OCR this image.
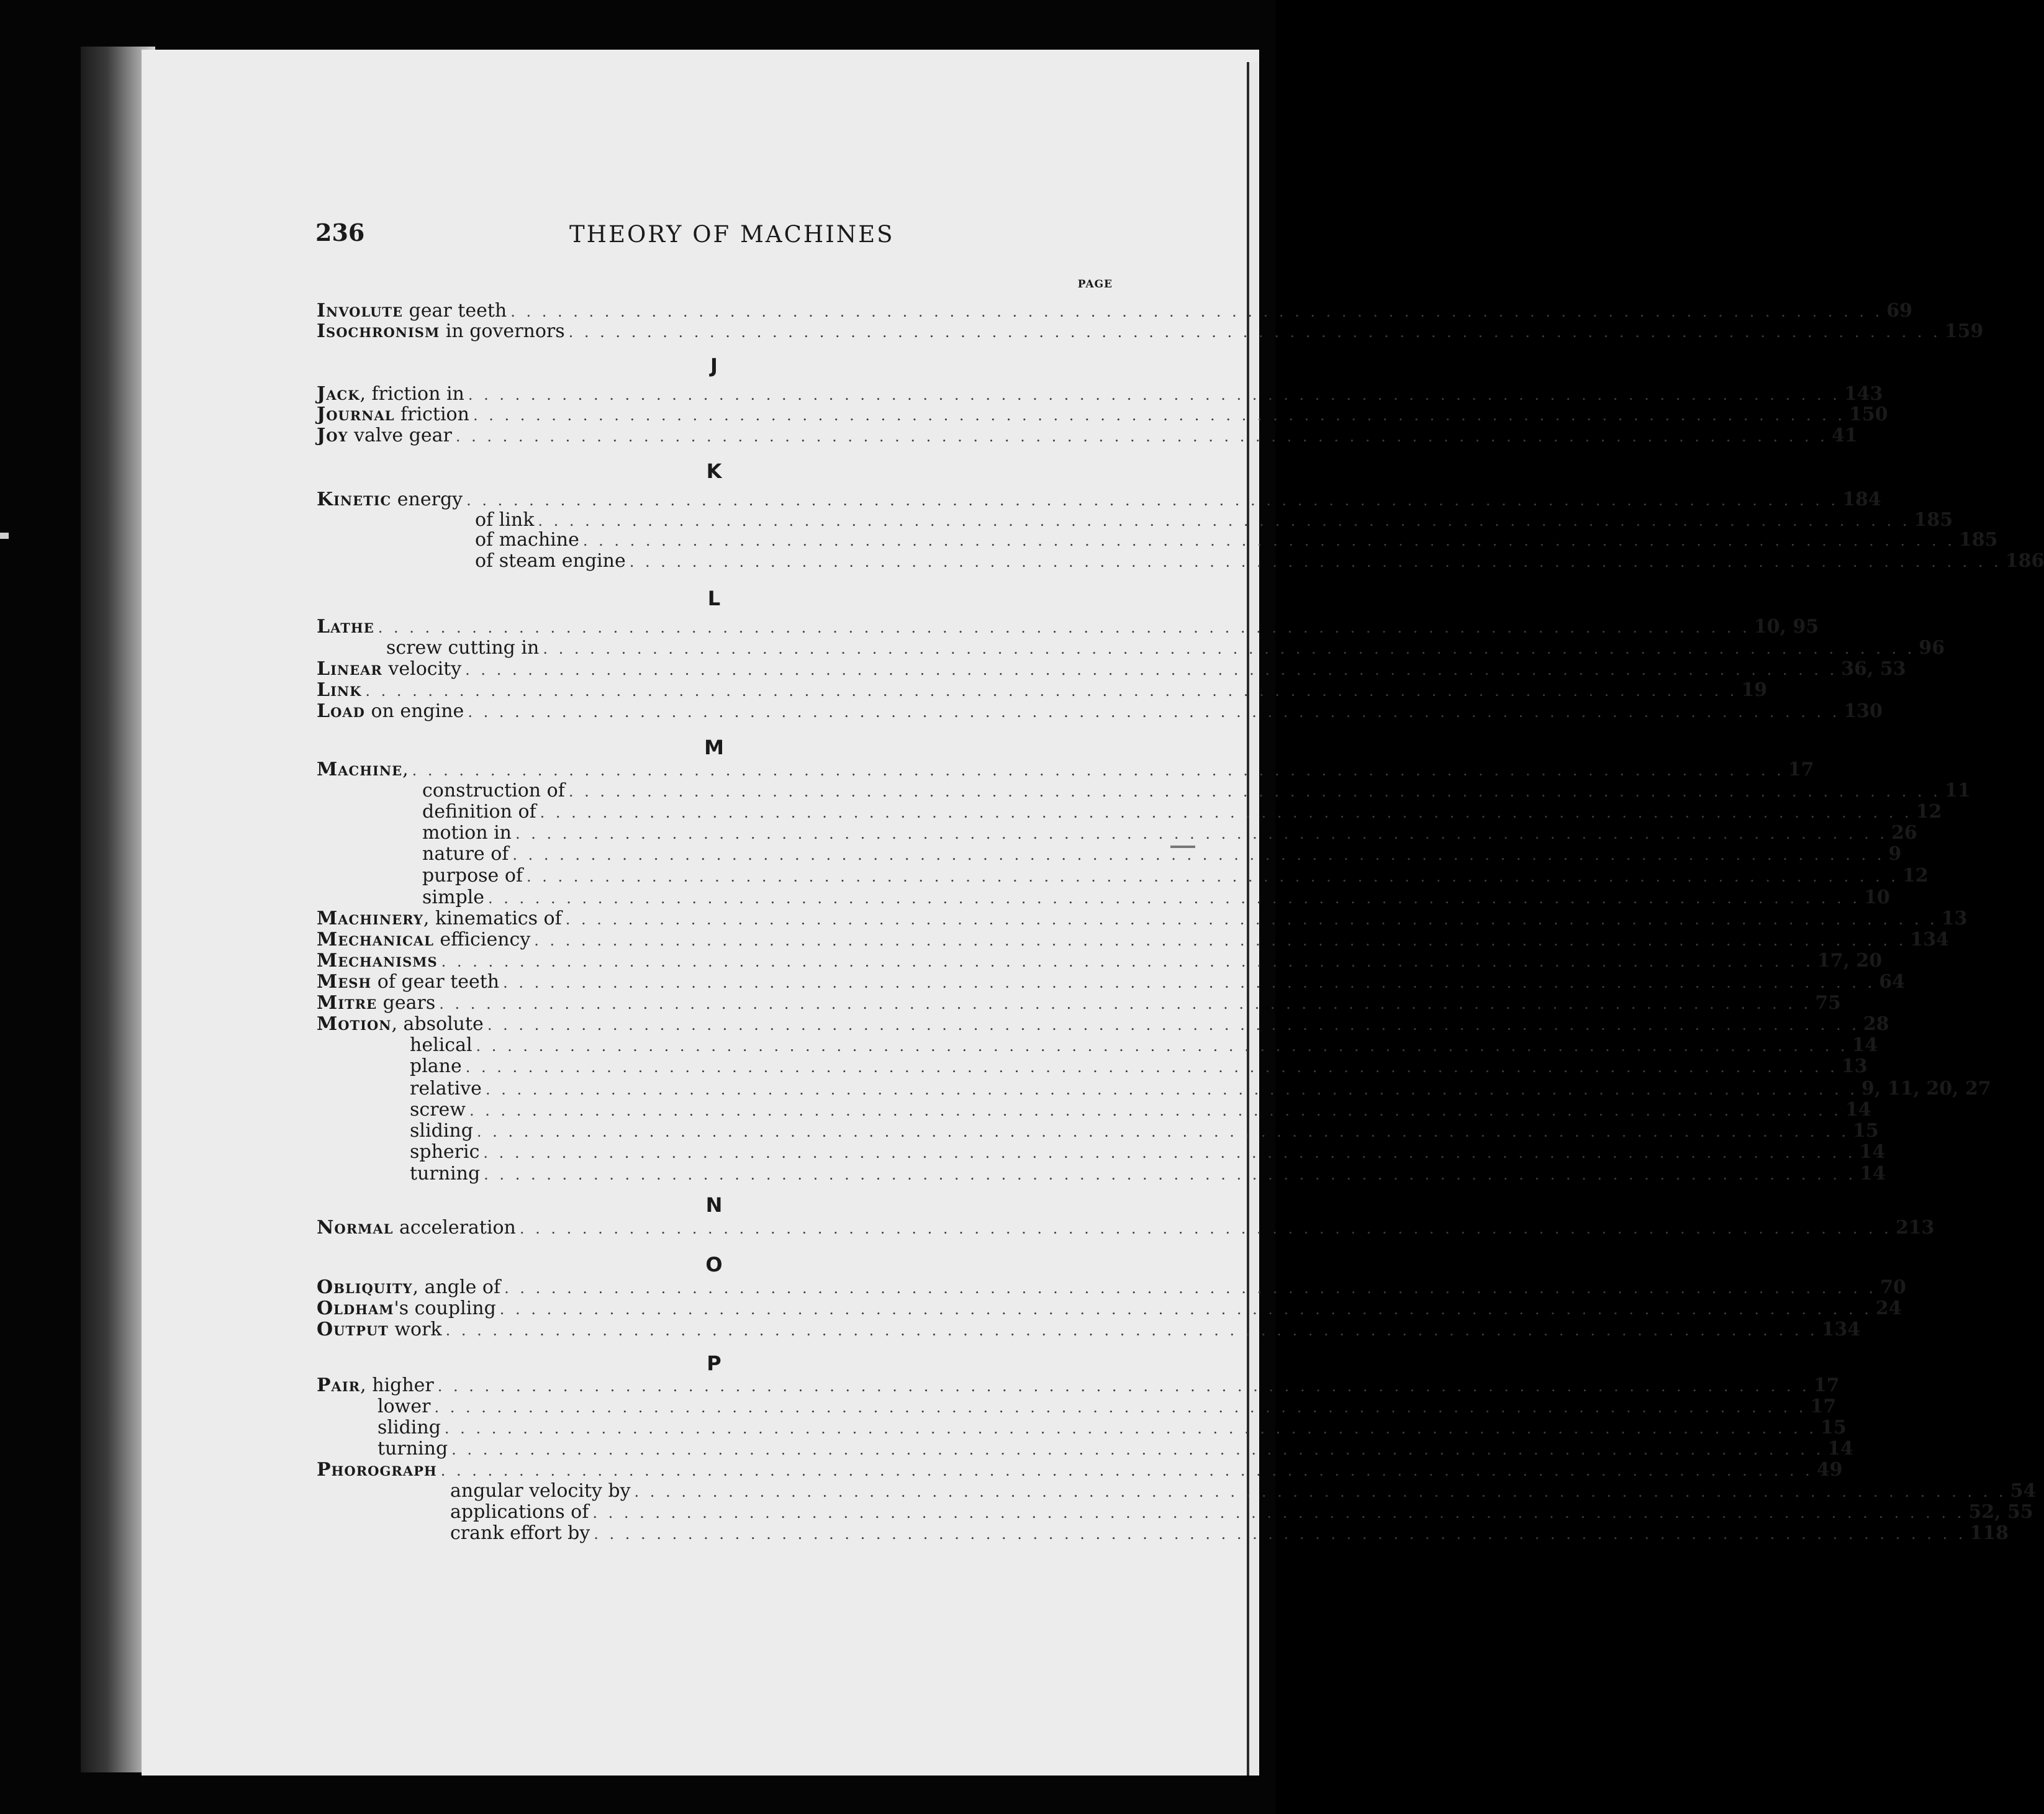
236	THEORY OF MACHINES
PAGE
Involute gear teeth . . . . . . . . . . . . . . . . . . . . . . . . . . . . . . . . . . . . . . . . . . . . . . . . . . . . . . . . . . . . . . . . . . . . . . . . . . . . . . . . . . . . . . . . 69
Isochronism in governors . . . . . . . . . . . . . . . . . . . . . . . . . . . . . . . . . . . . . . . . . . . . . . . . . . . . . . . . . . . . . . . . . . . . . . . . . . . . . . . . . . . . . . . . 159
J
Jack, friction in . . . . . . . . . . . . . . . . . . . . . . . . . . . . . . . . . . . . . . . . . . . . . . . . . . . . . . . . . . . . . . . . . . . . . . . . . . . . . . . . . . . . . . . . 143
Journal friction . . . . . . . . . . . . . . . . . . . . . . . . . . . . . . . . . . . . . . . . . . . . . . . . . . . . . . . . . . . . . . . . . . . . . . . . . . . . . . . . . . . . . . . . 150
Joy valve gear . . . . . . . . . . . . . . . . . . . . . . . . . . . . . . . . . . . . . . . . . . . . . . . . . . . . . . . . . . . . . . . . . . . . . . . . . . . . . . . . . . . . . . . . 41
K
Kinetic energy . . . . . . . . . . . . . . . . . . . . . . . . . . . . . . . . . . . . . . . . . . . . . . . . . . . . . . . . . . . . . . . . . . . . . . . . . . . . . . . . . . . . . . . . 184
of link . . . . . . . . . . . . . . . . . . . . . . . . . . . . . . . . . . . . . . . . . . . . . . . . . . . . . . . . . . . . . . . . . . . . . . . . . . . . . . . . . . . . . . . . 185
of machine . . . . . . . . . . . . . . . . . . . . . . . . . . . . . . . . . . . . . . . . . . . . . . . . . . . . . . . . . . . . . . . . . . . . . . . . . . . . . . . . . . . . . . . . 185
of steam engine . . . . . . . . . . . . . . . . . . . . . . . . . . . . . . . . . . . . . . . . . . . . . . . . . . . . . . . . . . . . . . . . . . . . . . . . . . . . . . . . . . . . . . . . 186
L
Lathe . . . . . . . . . . . . . . . . . . . . . . . . . . . . . . . . . . . . . . . . . . . . . . . . . . . . . . . . . . . . . . . . . . . . . . . . . . . . . . . . . . . . . . . . 10, 95
screw cutting in . . . . . . . . . . . . . . . . . . . . . . . . . . . . . . . . . . . . . . . . . . . . . . . . . . . . . . . . . . . . . . . . . . . . . . . . . . . . . . . . . . . . . . . . 96
Linear velocity . . . . . . . . . . . . . . . . . . . . . . . . . . . . . . . . . . . . . . . . . . . . . . . . . . . . . . . . . . . . . . . . . . . . . . . . . . . . . . . . . . . . . . . . 36, 53
Link . . . . . . . . . . . . . . . . . . . . . . . . . . . . . . . . . . . . . . . . . . . . . . . . . . . . . . . . . . . . . . . . . . . . . . . . . . . . . . . . . . . . . . . . 19
Load on engine . . . . . . . . . . . . . . . . . . . . . . . . . . . . . . . . . . . . . . . . . . . . . . . . . . . . . . . . . . . . . . . . . . . . . . . . . . . . . . . . . . . . . . . . 130
M
Machine, . . . . . . . . . . . . . . . . . . . . . . . . . . . . . . . . . . . . . . . . . . . . . . . . . . . . . . . . . . . . . . . . . . . . . . . . . . . . . . . . . . . . . . . . 17
construction of . . . . . . . . . . . . . . . . . . . . . . . . . . . . . . . . . . . . . . . . . . . . . . . . . . . . . . . . . . . . . . . . . . . . . . . . . . . . . . . . . . . . . . . . 11
definition of . . . . . . . . . . . . . . . . . . . . . . . . . . . . . . . . . . . . . . . . . . . . . . . . . . . . . . . . . . . . . . . . . . . . . . . . . . . . . . . . . . . . . . . . 12
motion in . . . . . . . . . . . . . . . . . . . . . . . . . . . . . . . . . . . . . . . . . . . . . . . . . . . . . . . . . . . . . . . . . . . . . . . . . . . . . . . . . . . . . . . . 26
nature of . . . . . . . . . . . . . . . . . . . . . . . . . . . . . . . . . . . . . . . . . . . . . . . . . . . . . . . . . . . . . . . . . . . . . . . . . . . . . . . . . . . . . . . . 9
purpose of . . . . . . . . . . . . . . . . . . . . . . . . . . . . . . . . . . . . . . . . . . . . . . . . . . . . . . . . . . . . . . . . . . . . . . . . . . . . . . . . . . . . . . . . 12
simple . . . . . . . . . . . . . . . . . . . . . . . . . . . . . . . . . . . . . . . . . . . . . . . . . . . . . . . . . . . . . . . . . . . . . . . . . . . . . . . . . . . . . . . . 10
Machinery, kinematics of . . . . . . . . . . . . . . . . . . . . . . . . . . . . . . . . . . . . . . . . . . . . . . . . . . . . . . . . . . . . . . . . . . . . . . . . . . . . . . . . . . . . . . . . 13
Mechanical efficiency . . . . . . . . . . . . . . . . . . . . . . . . . . . . . . . . . . . . . . . . . . . . . . . . . . . . . . . . . . . . . . . . . . . . . . . . . . . . . . . . . . . . . . . . 134
Mechanisms . . . . . . . . . . . . . . . . . . . . . . . . . . . . . . . . . . . . . . . . . . . . . . . . . . . . . . . . . . . . . . . . . . . . . . . . . . . . . . . . . . . . . . . . 17, 20
Mesh of gear teeth . . . . . . . . . . . . . . . . . . . . . . . . . . . . . . . . . . . . . . . . . . . . . . . . . . . . . . . . . . . . . . . . . . . . . . . . . . . . . . . . . . . . . . . . 64
Mitre gears . . . . . . . . . . . . . . . . . . . . . . . . . . . . . . . . . . . . . . . . . . . . . . . . . . . . . . . . . . . . . . . . . . . . . . . . . . . . . . . . . . . . . . . . 75
Motion, absolute . . . . . . . . . . . . . . . . . . . . . . . . . . . . . . . . . . . . . . . . . . . . . . . . . . . . . . . . . . . . . . . . . . . . . . . . . . . . . . . . . . . . . . . . 28
helical . . . . . . . . . . . . . . . . . . . . . . . . . . . . . . . . . . . . . . . . . . . . . . . . . . . . . . . . . . . . . . . . . . . . . . . . . . . . . . . . . . . . . . . . 14
plane . . . . . . . . . . . . . . . . . . . . . . . . . . . . . . . . . . . . . . . . . . . . . . . . . . . . . . . . . . . . . . . . . . . . . . . . . . . . . . . . . . . . . . . . 13
relative . . . . . . . . . . . . . . . . . . . . . . . . . . . . . . . . . . . . . . . . . . . . . . . . . . . . . . . . . . . . . . . . . . . . . . . . . . . . . . . . . . . . . . . . 9, 11, 20, 27
screw . . . . . . . . . . . . . . . . . . . . . . . . . . . . . . . . . . . . . . . . . . . . . . . . . . . . . . . . . . . . . . . . . . . . . . . . . . . . . . . . . . . . . . . . 14
sliding . . . . . . . . . . . . . . . . . . . . . . . . . . . . . . . . . . . . . . . . . . . . . . . . . . . . . . . . . . . . . . . . . . . . . . . . . . . . . . . . . . . . . . . . 15
spheric . . . . . . . . . . . . . . . . . . . . . . . . . . . . . . . . . . . . . . . . . . . . . . . . . . . . . . . . . . . . . . . . . . . . . . . . . . . . . . . . . . . . . . . . 14
turning . . . . . . . . . . . . . . . . . . . . . . . . . . . . . . . . . . . . . . . . . . . . . . . . . . . . . . . . . . . . . . . . . . . . . . . . . . . . . . . . . . . . . . . . 14
N
Normal acceleration . . . . . . . . . . . . . . . . . . . . . . . . . . . . . . . . . . . . . . . . . . . . . . . . . . . . . . . . . . . . . . . . . . . . . . . . . . . . . . . . . . . . . . . . 213
O
Obliquity, angle of . . . . . . . . . . . . . . . . . . . . . . . . . . . . . . . . . . . . . . . . . . . . . . . . . . . . . . . . . . . . . . . . . . . . . . . . . . . . . . . . . . . . . . . . 70
Oldham's coupling . . . . . . . . . . . . . . . . . . . . . . . . . . . . . . . . . . . . . . . . . . . . . . . . . . . . . . . . . . . . . . . . . . . . . . . . . . . . . . . . . . . . . . . . 24
Output work . . . . . . . . . . . . . . . . . . . . . . . . . . . . . . . . . . . . . . . . . . . . . . . . . . . . . . . . . . . . . . . . . . . . . . . . . . . . . . . . . . . . . . . . 134
P
Pair, higher . . . . . . . . . . . . . . . . . . . . . . . . . . . . . . . . . . . . . . . . . . . . . . . . . . . . . . . . . . . . . . . . . . . . . . . . . . . . . . . . . . . . . . . . 17
lower . . . . . . . . . . . . . . . . . . . . . . . . . . . . . . . . . . . . . . . . . . . . . . . . . . . . . . . . . . . . . . . . . . . . . . . . . . . . . . . . . . . . . . . . 17
sliding . . . . . . . . . . . . . . . . . . . . . . . . . . . . . . . . . . . . . . . . . . . . . . . . . . . . . . . . . . . . . . . . . . . . . . . . . . . . . . . . . . . . . . . . 15
turning . . . . . . . . . . . . . . . . . . . . . . . . . . . . . . . . . . . . . . . . . . . . . . . . . . . . . . . . . . . . . . . . . . . . . . . . . . . . . . . . . . . . . . . . 14
Phorograph . . . . . . . . . . . . . . . . . . . . . . . . . . . . . . . . . . . . . . . . . . . . . . . . . . . . . . . . . . . . . . . . . . . . . . . . . . . . . . . . . . . . . . . . 49
angular velocity by . . . . . . . . . . . . . . . . . . . . . . . . . . . . . . . . . . . . . . . . . . . . . . . . . . . . . . . . . . . . . . . . . . . . . . . . . . . . . . . . . . . . . . . . 54
applications of . . . . . . . . . . . . . . . . . . . . . . . . . . . . . . . . . . . . . . . . . . . . . . . . . . . . . . . . . . . . . . . . . . . . . . . . . . . . . . . . . . . . . . . . 52, 55
crank effort by . . . . . . . . . . . . . . . . . . . . . . . . . . . . . . . . . . . . . . . . . . . . . . . . . . . . . . . . . . . . . . . . . . . . . . . . . . . . . . . . . . . . . . . . 118
